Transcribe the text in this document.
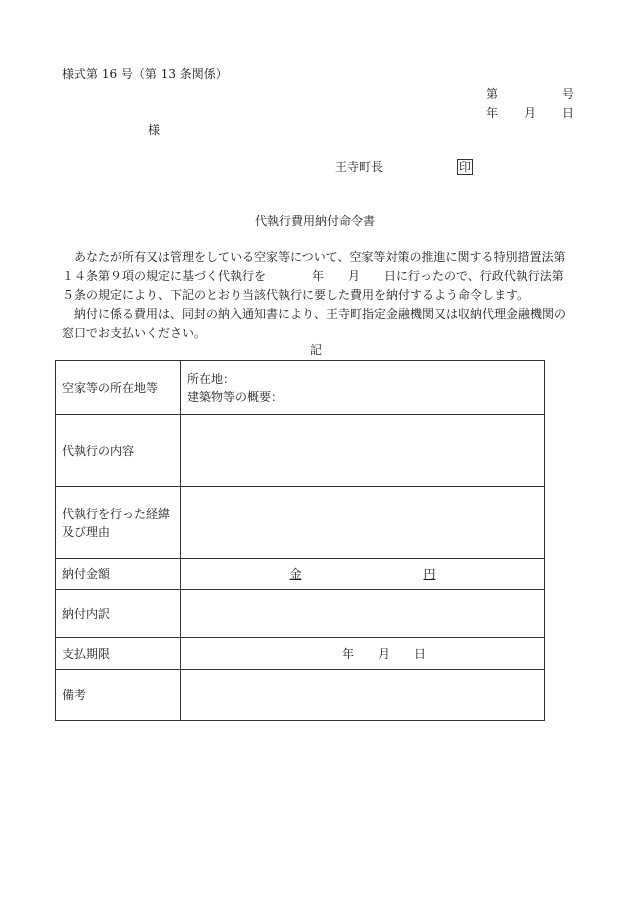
様式第 16 号（第 13 条関係）
第	号
年 月 日
様
王寺町長	印
代執行費用納付命令書

あなたが所有又は管理をしている空家等について、空家等対策の推進に関する特別措置法第１４条第９項の規定に基づく代執行を	年 月 日に行ったので、行政代執行法第５条の規定により、下記のとおり当該代執行に要した費用を納付するよう命令します。

納付に係る費用は、同封の納入通知書により、王寺町指定金融機関又は収納代理金融機関の窓口でお支払いください。

記
空家等の所在地等	所在地：
建築物等の概要：

代執行の内容	

代執行を行った経緯
及び理由	

納付金額	金 円
納付内訳	
支払期限	年 月 日
備考	
